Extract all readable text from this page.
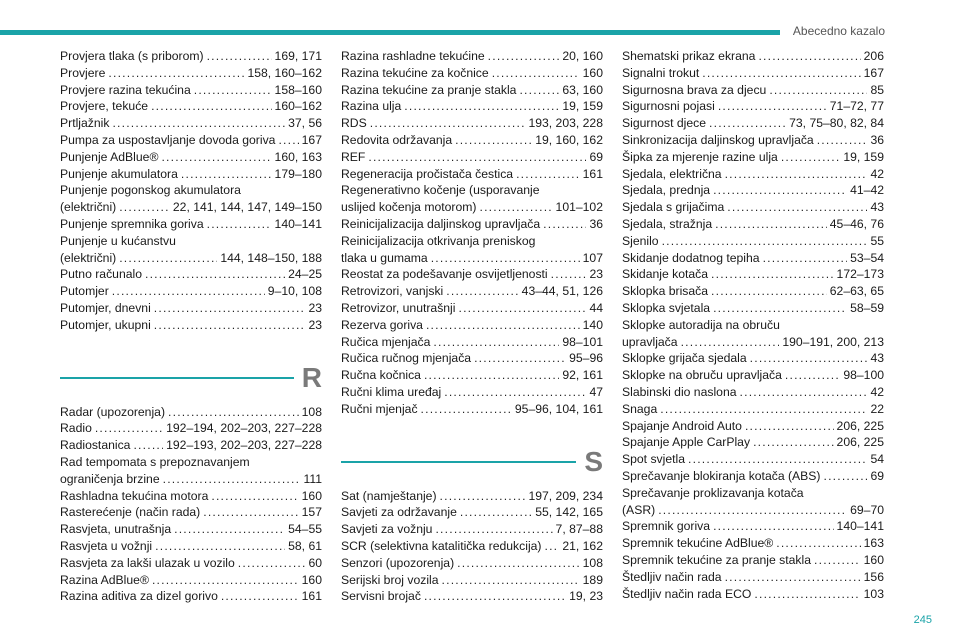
Abecedno kazalo
Provjera tlaka (s priborom) .....	169, 171
Provjere .....	158, 160–162
Provjere razina tekućina .....	158–160
Provjere, tekuće .....	160–162
Prtljažnik .....	37, 56
Pumpa za uspostavljanje dovoda goriva ..... 167
Punjenje AdBlue® .....	160, 163
Punjenje akumulatora .....	179–180
Punjenje pogonskog akumulatora
(električni) .....	22, 141, 144, 147, 149–150
Punjenje spremnika goriva .....	140–141
Punjenje u kućanstvu
(električni) .....	144, 148–150, 188
Putno računalo .....	24–25
Putomjer .....	9–10, 108
Putomjer, dnevni .....	23
Putomjer, ukupni .....	23
R
Radar (upozorenja) .....	108
Radio .....	192–194, 202–203, 227–228
Radiostanica .....	192–193, 202–203, 227–228
Rad tempomata s prepoznavanjem
ograničenja brzine .....	111
Rashladna tekućina motora .....	160
Rasterećenje (način rada) .....	157
Rasvjeta, unutrašnja .....	54–55
Rasvjeta u vožnji .....	58, 61
Rasvjeta za lakši ulazak u vozilo .....	60
Razina AdBlue® .....	160
Razina aditiva za dizel gorivo .....	161
Razina rashladne tekućine .....	20, 160
Razina tekućine za kočnice .....	160
Razina tekućine za pranje stakla .....	63, 160
Razina ulja .....	19, 159
RDS .....	193, 203, 228
Redovita održavanja .....	19, 160, 162
REF .....	69
Regeneracija pročistača čestica .....	161
Regenerativno kočenje (usporavanje
uslijed kočenja motorom) .....	101–102
Reinicijalizacija daljinskog upravljača .....	36
Reinicijalizacija otkrivanja preniskog
tlaka u gumama .....	107
Reostat za podešavanje osvijetljenosti .....	23
Retrovizori, vanjski .....	43–44, 51, 126
Retrovizor, unutrašnji .....	44
Rezerva goriva .....	140
Ručica mjenjača .....	98–101
Ručica ručnog mjenjača .....	95–96
Ručna kočnica .....	92, 161
Ručni klima uređaj .....	47
Ručni mjenjač .....	95–96, 104, 161
S
Sat (namještanje) .....	197, 209, 234
Savjeti za održavanje .....	55, 142, 165
Savjeti za vožnju .....	7, 87–88
SCR (selektivna katalitička redukcija) ..... 21, 162
Senzori (upozorenja) .....	108
Serijski broj vozila .....	189
Servisni brojač .....	19, 23
Shematski prikaz ekrana .....	206
Signalni trokut .....	167
Sigurnosna brava za djecu .....	85
Sigurnosni pojasi .....	71–72, 77
Sigurnost djece .....	73, 75–80, 82, 84
Sinkronizacija daljinskog upravljača .....	36
Šipka za mjerenje razine ulja .....	19, 159
Sjedala, električna .....	42
Sjedala, prednja .....	41–42
Sjedala s grijačima .....	43
Sjedala, stražnja .....	45–46, 76
Sjenilo .....	55
Skidanje dodatnog tepiha .....	53–54
Skidanje kotača .....	172–173
Sklopka brisača .....	62–63, 65
Sklopka svjetala .....	58–59
Sklopke autoradija na obruču
upravljača .....	190–191, 200, 213
Sklopke grijača sjedala .....	43
Sklopke na obruču upravljača .....	98–100
Slabinski dio naslona .....	42
Snaga .....	22
Spajanje Android Auto .....	206, 225
Spajanje Apple CarPlay .....	206, 225
Spot svjetla .....	54
Sprečavanje blokiranja kotača (ABS) .....	69
Sprečavanje proklizavanja kotača
(ASR) .....	69–70
Spremnik goriva .....	140–141
Spremnik tekućine AdBlue® .....	163
Spremnik tekućine za pranje stakla .....	160
Štedljiv način rada .....	156
Štedljiv način rada ECO .....	103
245
